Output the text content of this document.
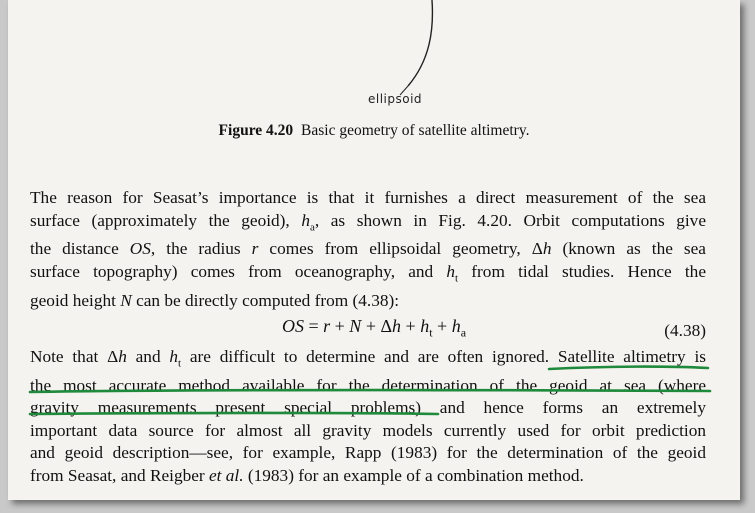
ellipsoid
Figure 4.20 Basic geometry of satellite altimetry.
The reason for Seasat’s importance is that it furnishes a direct measurement of the sea
surface (approximately the geoid), $h_a$, as shown in Fig. 4.20. Orbit computations give
the distance OS, the radius r comes from ellipsoidal geometry, Δh (known as the sea
surface topography) comes from oceanography, and $h_t$ from tidal studies. Hence the
geoid height N can be directly computed from (4.38):
OS = $r + N + \Delta h + h_t + h_a$	(4.38)
Note that Δh and $h_t$ are difficult to determine and are often ignored. Satellite altimetry is
the most accurate method available for the determination of the geoid at sea (where
gravity measurements present special problems) and hence forms an extremely
important data source for almost all gravity models currently used for orbit prediction
and geoid description—see, for example, Rapp (1983) for the determination of the geoid
from Seasat, and Reigber et al. (1983) for an example of a combination method.
